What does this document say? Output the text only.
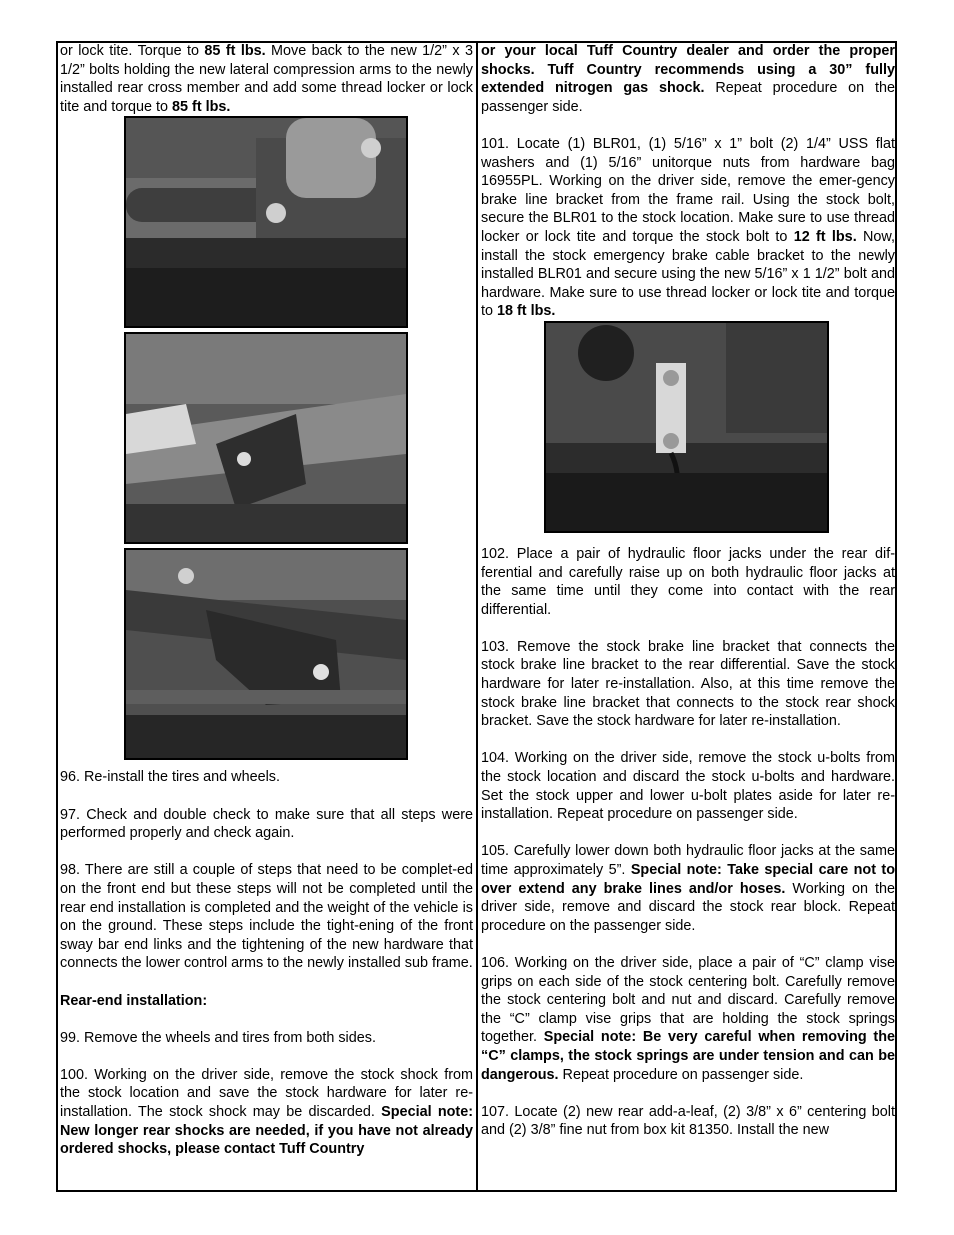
or lock tite. Torque to 85 ft lbs. Move back to the new 1/2” x 3 1/2” bolts holding the new lateral compression arms to the newly installed rear cross member and add some thread locker or lock tite and torque to 85 ft lbs.

96. Re-install the tires and wheels.

97. Check and double check to make sure that all steps were performed properly and check again.

98. There are still a couple of steps that need to be complet-ed on the front end but these steps will not be completed until the rear end installation is completed and the weight of the vehicle is on the ground. These steps include the tight-ening of the front sway bar end links and the tightening of the new hardware that connects the lower control arms to the newly installed sub frame.

Rear-end installation:

99. Remove the wheels and tires from both sides.

100. Working on the driver side, remove the stock shock from the stock location and save the stock hardware for later re-installation. The stock shock may be discarded. Special note: New longer rear shocks are needed, if you have not already ordered shocks, please contact Tuff Country

or your local Tuff Country dealer and order the proper shocks. Tuff Country recommends using a 30” fully extended nitrogen gas shock. Repeat procedure on the passenger side.

101. Locate (1) BLR01, (1) 5/16” x 1” bolt (2) 1/4” USS flat washers and (1) 5/16” unitorque nuts from hardware bag 16955PL. Working on the driver side, remove the emer-gency brake line bracket from the frame rail. Using the stock bolt, secure the BLR01 to the stock location. Make sure to use thread locker or lock tite and torque the stock bolt to 12 ft lbs. Now, install the stock emergency brake cable bracket to the newly installed BLR01 and secure using the new 5/16” x 1 1/2” bolt and hardware. Make sure to use thread locker or lock tite and torque to 18 ft lbs.

102. Place a pair of hydraulic floor jacks under the rear dif-ferential and carefully raise up on both hydraulic floor jacks at the same time until they come into contact with the rear differential.

103. Remove the stock brake line bracket that connects the stock brake line bracket to the rear differential. Save the stock hardware for later re-installation. Also, at this time remove the stock brake line bracket that connects to the stock rear shock bracket. Save the stock hardware for later re-installation.

104. Working on the driver side, remove the stock u-bolts from the stock location and discard the stock u-bolts and hardware. Set the stock upper and lower u-bolt plates aside for later re-installation. Repeat procedure on passenger side.

105. Carefully lower down both hydraulic floor jacks at the same time approximately 5”. Special note: Take special care not to over extend any brake lines and/or hoses. Working on the driver side, remove and discard the stock rear block. Repeat procedure on the passenger side.

106. Working on the driver side, place a pair of “C” clamp vise grips on each side of the stock centering bolt. Carefully remove the stock centering bolt and nut and discard. Carefully remove the “C” clamp vise grips that are holding the stock springs together. Special note: Be very careful when removing the “C” clamps, the stock springs are under tension and can be dangerous. Repeat procedure on passenger side.

107. Locate (2) new rear add-a-leaf, (2) 3/8” x 6” centering bolt and (2) 3/8” fine nut from box kit 81350. Install the new
